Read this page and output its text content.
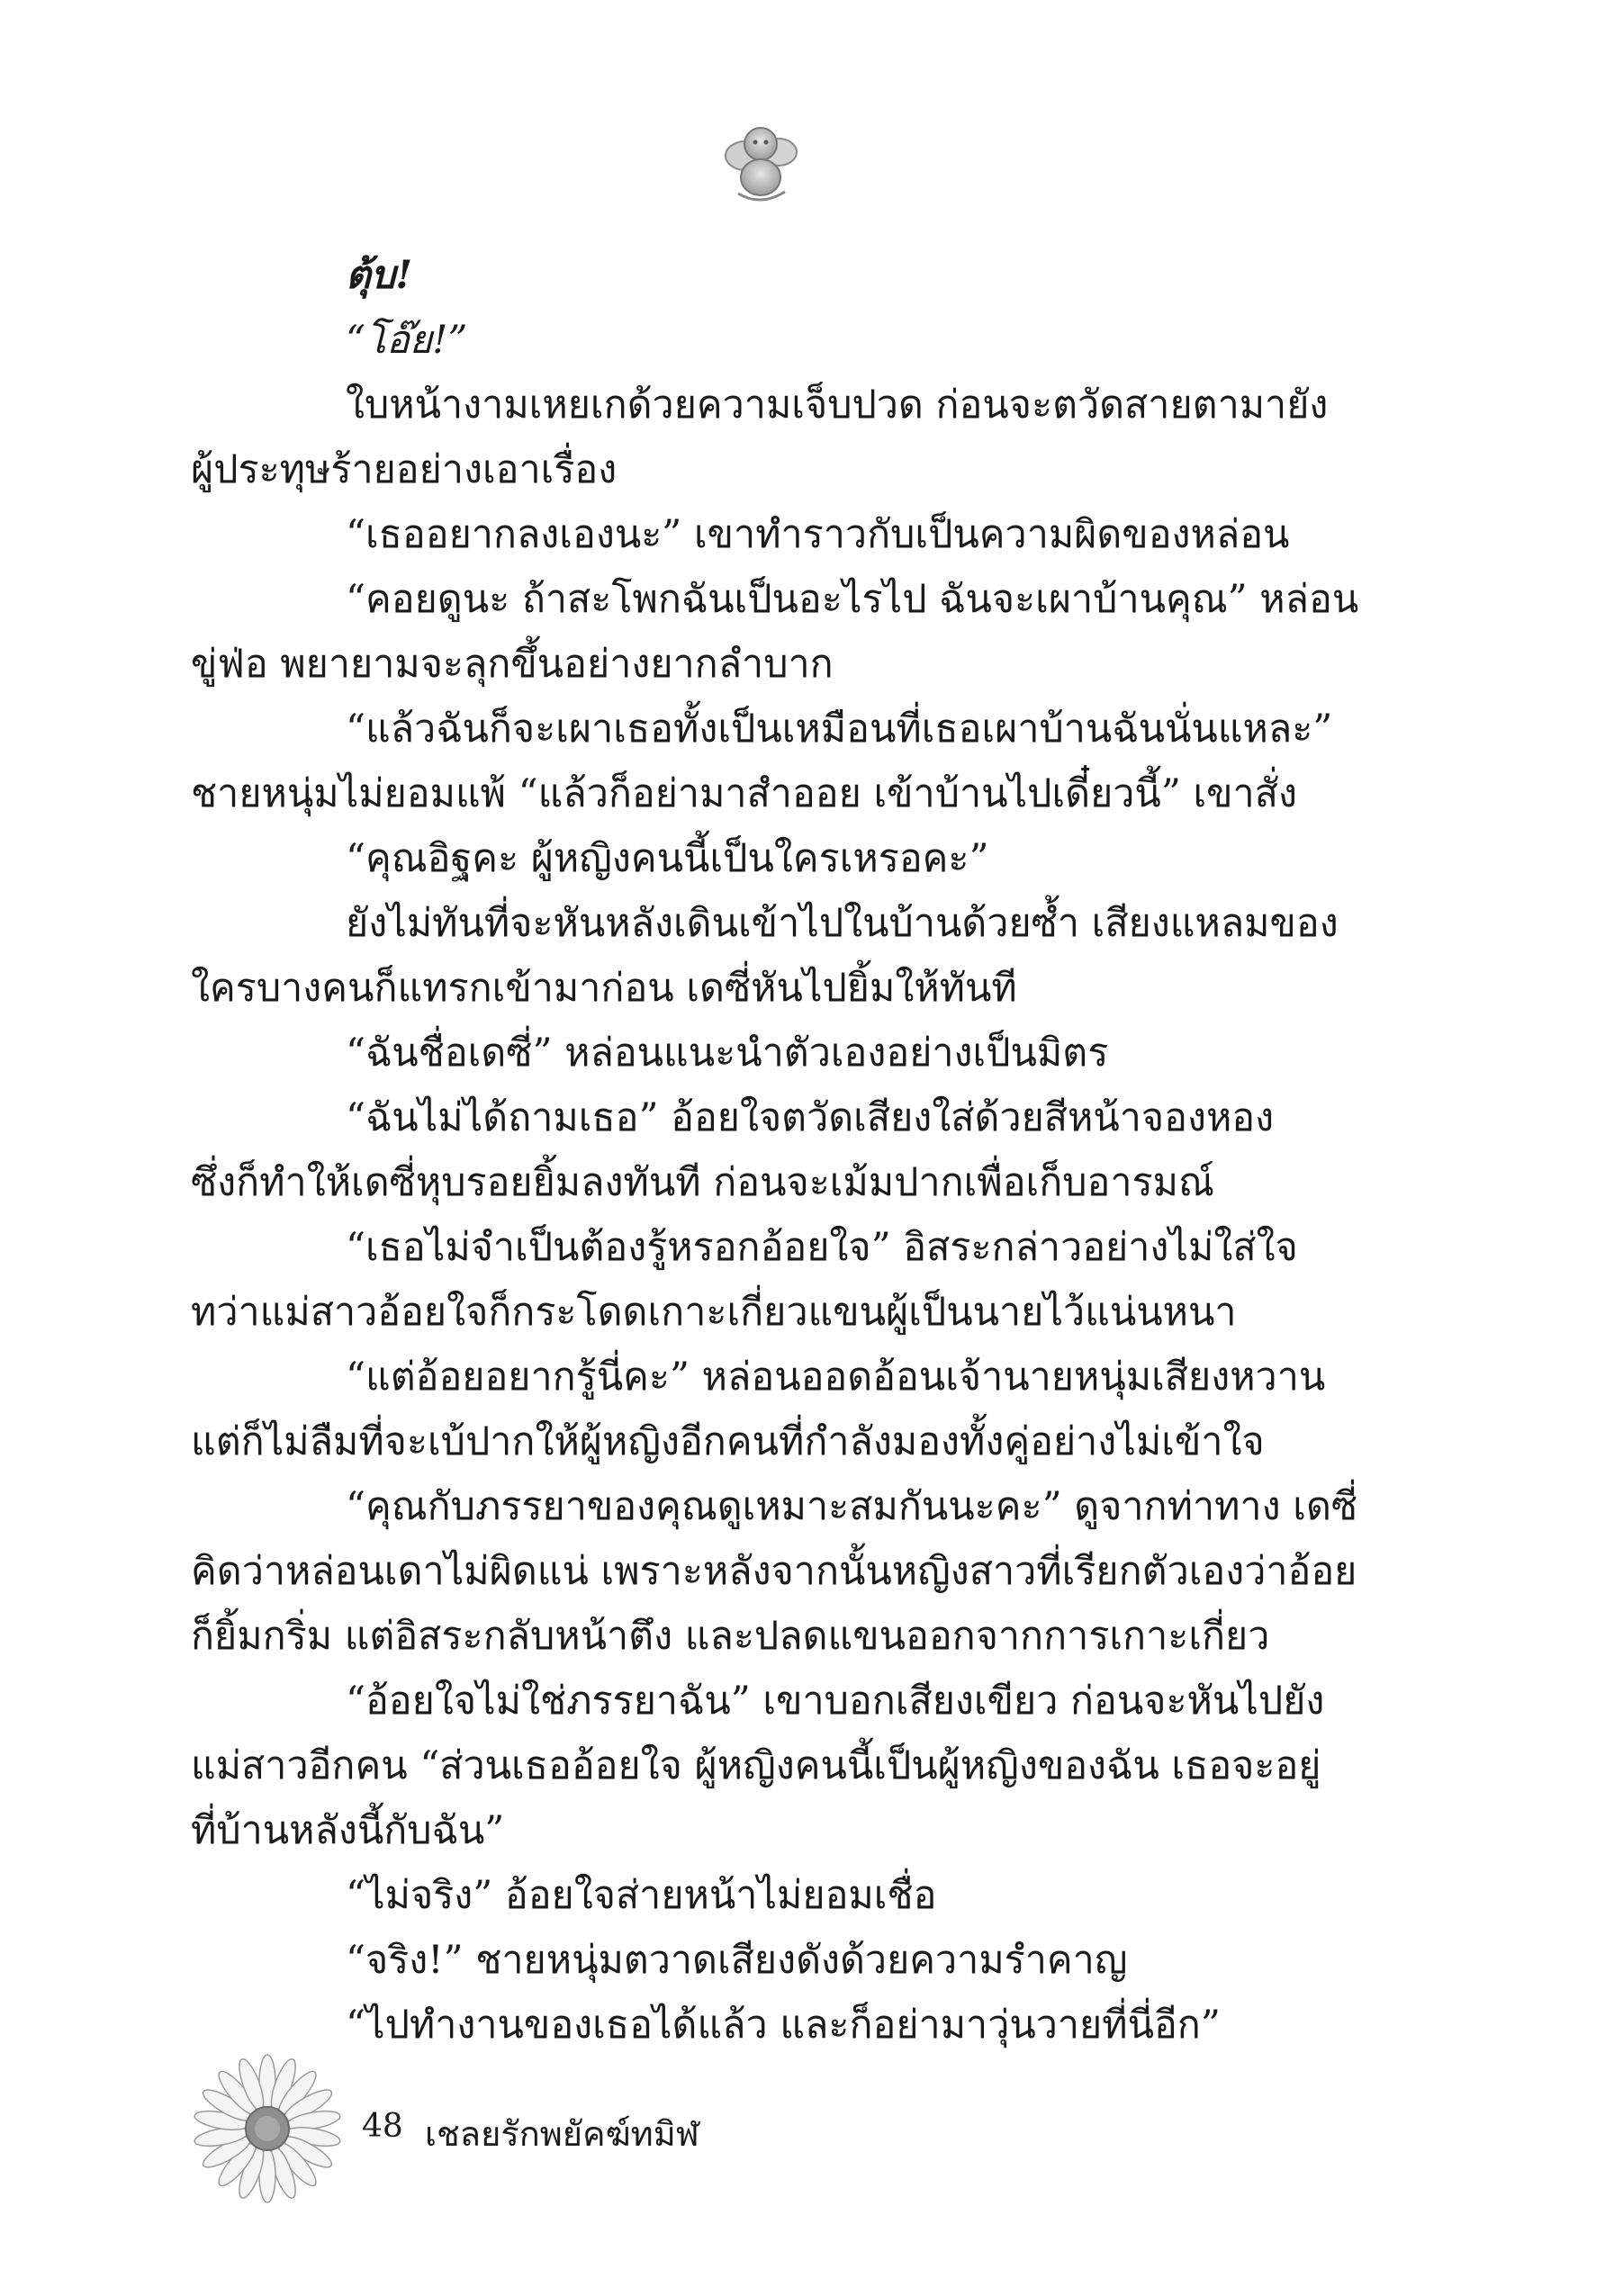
ตุ้บ!

“โอ๊ย!”

ใบหน้างามเหยเกด้วยความเจ็บปวด ก่อนจะตวัดสายตามายัง

ผู้ประทุษร้ายอย่างเอาเรื่อง

“เธออยากลงเองนะ” เขาทำราวกับเป็นความผิดของหล่อน

“คอยดูนะ ถ้าสะโพกฉันเป็นอะไรไป ฉันจะเผาบ้านคุณ” หล่อน

ขู่ฟ่อ พยายามจะลุกขึ้นอย่างยากลำบาก

“แล้วฉันก็จะเผาเธอทั้งเป็นเหมือนที่เธอเผาบ้านฉันนั่นแหละ”

ชายหนุ่มไม่ยอมแพ้ “แล้วก็อย่ามาสำออย เข้าบ้านไปเดี๋ยวนี้” เขาสั่ง

“คุณอิฐคะ ผู้หญิงคนนี้เป็นใครเหรอคะ”

ยังไม่ทันที่จะหันหลังเดินเข้าไปในบ้านด้วยซ้ำ เสียงแหลมของ

ใครบางคนก็แทรกเข้ามาก่อน เดซี่หันไปยิ้มให้ทันที

“ฉันชื่อเดซี่” หล่อนแนะนำตัวเองอย่างเป็นมิตร

“ฉันไม่ได้ถามเธอ” อ้อยใจตวัดเสียงใส่ด้วยสีหน้าจองหอง

ซึ่งก็ทำให้เดซี่หุบรอยยิ้มลงทันที ก่อนจะเม้มปากเพื่อเก็บอารมณ์

“เธอไม่จำเป็นต้องรู้หรอกอ้อยใจ” อิสระกล่าวอย่างไม่ใส่ใจ

ทว่าแม่สาวอ้อยใจก็กระโดดเกาะเกี่ยวแขนผู้เป็นนายไว้แน่นหนา

“แต่อ้อยอยากรู้นี่คะ” หล่อนออดอ้อนเจ้านายหนุ่มเสียงหวาน

แต่ก็ไม่ลืมที่จะเบ้ปากให้ผู้หญิงอีกคนที่กำลังมองทั้งคู่อย่างไม่เข้าใจ

“คุณกับภรรยาของคุณดูเหมาะสมกันนะคะ” ดูจากท่าทาง เดซี่

คิดว่าหล่อนเดาไม่ผิดแน่ เพราะหลังจากนั้นหญิงสาวที่เรียกตัวเองว่าอ้อย

ก็ยิ้มกริ่ม แต่อิสระกลับหน้าตึง และปลดแขนออกจากการเกาะเกี่ยว

“อ้อยใจไม่ใช่ภรรยาฉัน” เขาบอกเสียงเขียว ก่อนจะหันไปยัง

แม่สาวอีกคน “ส่วนเธออ้อยใจ ผู้หญิงคนนี้เป็นผู้หญิงของฉัน เธอจะอยู่

ที่บ้านหลังนี้กับฉัน”

“ไม่จริง” อ้อยใจส่ายหน้าไม่ยอมเชื่อ

“จริง!” ชายหนุ่มตวาดเสียงดังด้วยความรำคาญ

“ไปทำงานของเธอได้แล้ว และก็อย่ามาวุ่นวายที่นี่อีก”

48 เชลยรักพยัคฆ์ทมิฬ
